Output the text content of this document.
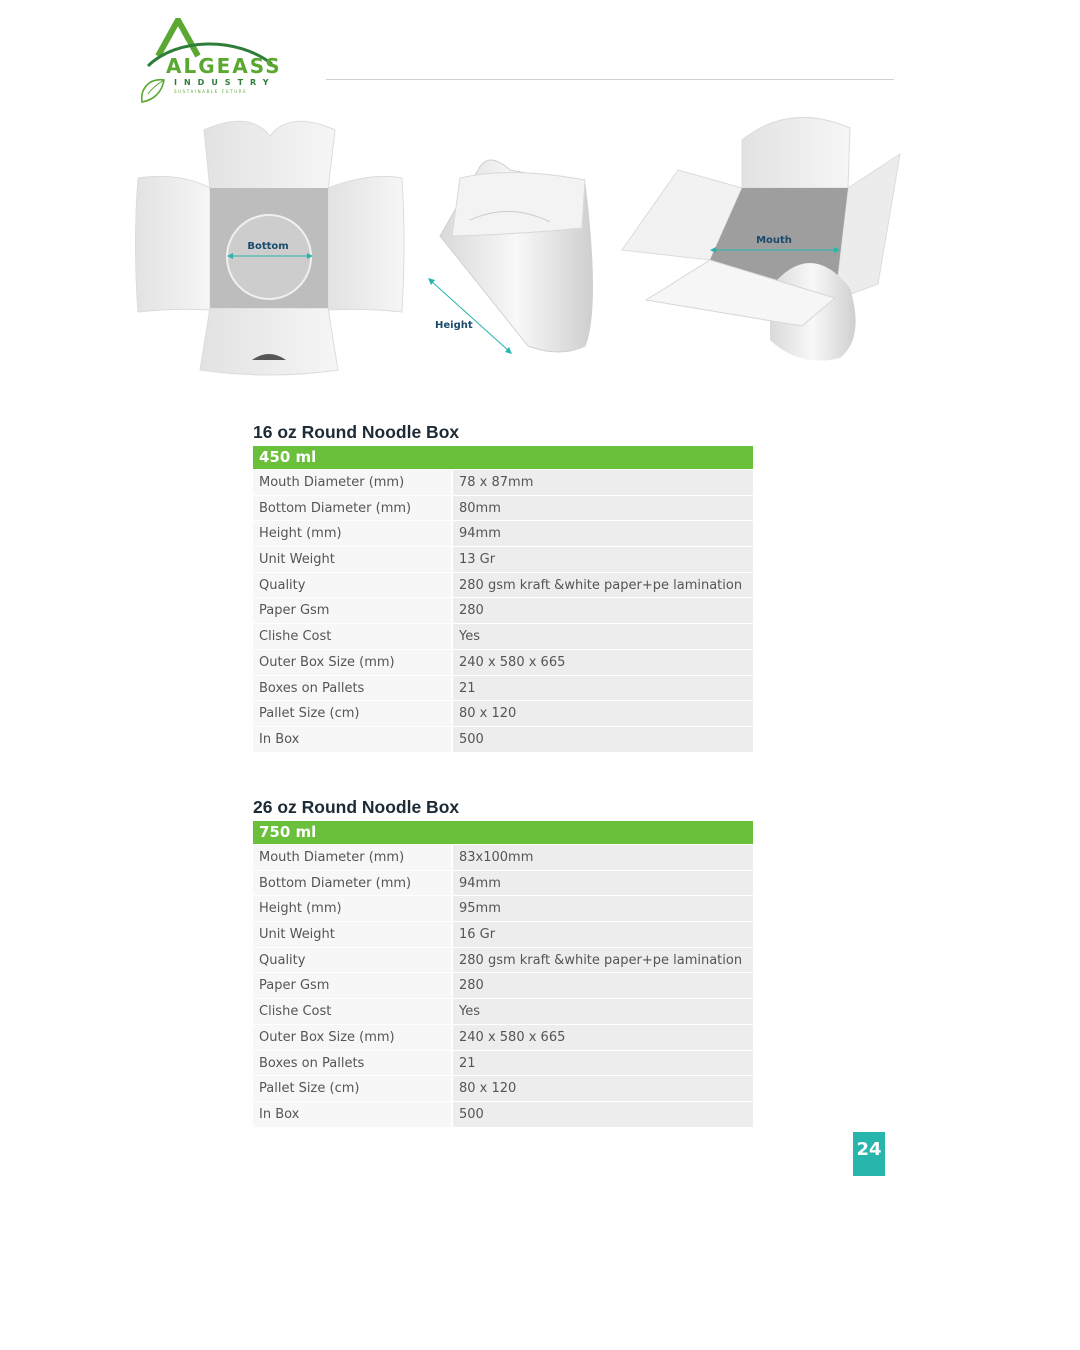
ALGEASS
INDUSTRY
SUSTAINABLE FUTURE
Bottom
Height
Mouth
16 oz Round Noodle Box
450 ml
Mouth Diameter (mm)	78 x 87mm
Bottom Diameter (mm)	80mm
Height (mm)	94mm
Unit Weight	13 Gr
Quality	280 gsm kraft &white paper+pe lamination
Paper Gsm	280
Clishe Cost	Yes
Outer Box Size (mm)	240 x 580 x 665
Boxes on Pallets	21
Pallet Size (cm)	80 x 120
In Box	500
26 oz Round Noodle Box
750 ml
Mouth Diameter (mm)	83x100mm
Bottom Diameter (mm)	94mm
Height (mm)	95mm
Unit Weight	16 Gr
Quality	280 gsm kraft &white paper+pe lamination
Paper Gsm	280
Clishe Cost	Yes
Outer Box Size (mm)	240 x 580 x 665
Boxes on Pallets	21
Pallet Size (cm)	80 x 120
In Box	500
24
